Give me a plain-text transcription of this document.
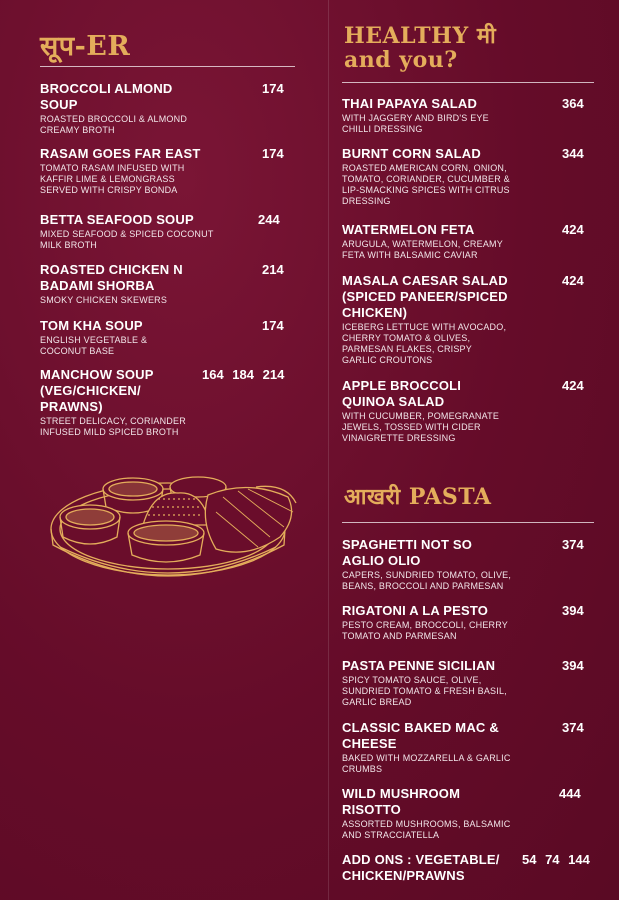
सूप-ER
BROCCOLI ALMOND
SOUP
ROASTED BROCCOLI & ALMOND
CREAMY BROTH
174
RASAM GOES FAR EAST
TOMATO RASAM INFUSED WITH
KAFFIR LIME & LEMONGRASS
SERVED WITH CRISPY BONDA
174
BETTA SEAFOOD SOUP
MIXED SEAFOOD & SPICED COCONUT
MILK BROTH
244
ROASTED CHICKEN N
BADAMI SHORBA
SMOKY CHICKEN SKEWERS
214
TOM KHA SOUP
ENGLISH VEGETABLE &
COCONUT BASE
174
MANCHOW SOUP
(VEG/CHICKEN/
PRAWNS)
STREET DELICACY, CORIANDER
INFUSED MILD SPICED BROTH
164 184 214
HEALTHY मी
and you?
THAI PAPAYA SALAD
WITH JAGGERY AND BIRD'S EYE
CHILLI DRESSING
364
BURNT CORN SALAD
ROASTED AMERICAN CORN, ONION,
TOMATO, CORIANDER, CUCUMBER &
LIP-SMACKING SPICES WITH CITRUS
DRESSING
344
WATERMELON FETA
ARUGULA, WATERMELON, CREAMY
FETA WITH BALSAMIC CAVIAR
424
MASALA CAESAR SALAD
(SPICED PANEER/SPICED
CHICKEN)
ICEBERG LETTUCE WITH AVOCADO,
CHERRY TOMATO & OLIVES,
PARMESAN FLAKES, CRISPY
GARLIC CROUTONS
424
APPLE BROCCOLI
QUINOA SALAD
WITH CUCUMBER, POMEGRANATE
JEWELS, TOSSED WITH CIDER
VINAIGRETTE DRESSING
424
आखरी PASTA
SPAGHETTI NOT SO
AGLIO OLIO
CAPERS, SUNDRIED TOMATO, OLIVE,
BEANS, BROCCOLI AND PARMESAN
374
RIGATONI A LA PESTO
PESTO CREAM, BROCCOLI, CHERRY
TOMATO AND PARMESAN
394
PASTA PENNE SICILIAN
SPICY TOMATO SAUCE, OLIVE,
SUNDRIED TOMATO & FRESH BASIL,
GARLIC BREAD
394
CLASSIC BAKED MAC &
CHEESE
BAKED WITH MOZZARELLA & GARLIC
CRUMBS
374
WILD MUSHROOM
RISOTTO
ASSORTED MUSHROOMS, BALSAMIC
AND STRACCIATELLA
444
ADD ONS : VEGETABLE/
CHICKEN/PRAWNS
54 74 144
